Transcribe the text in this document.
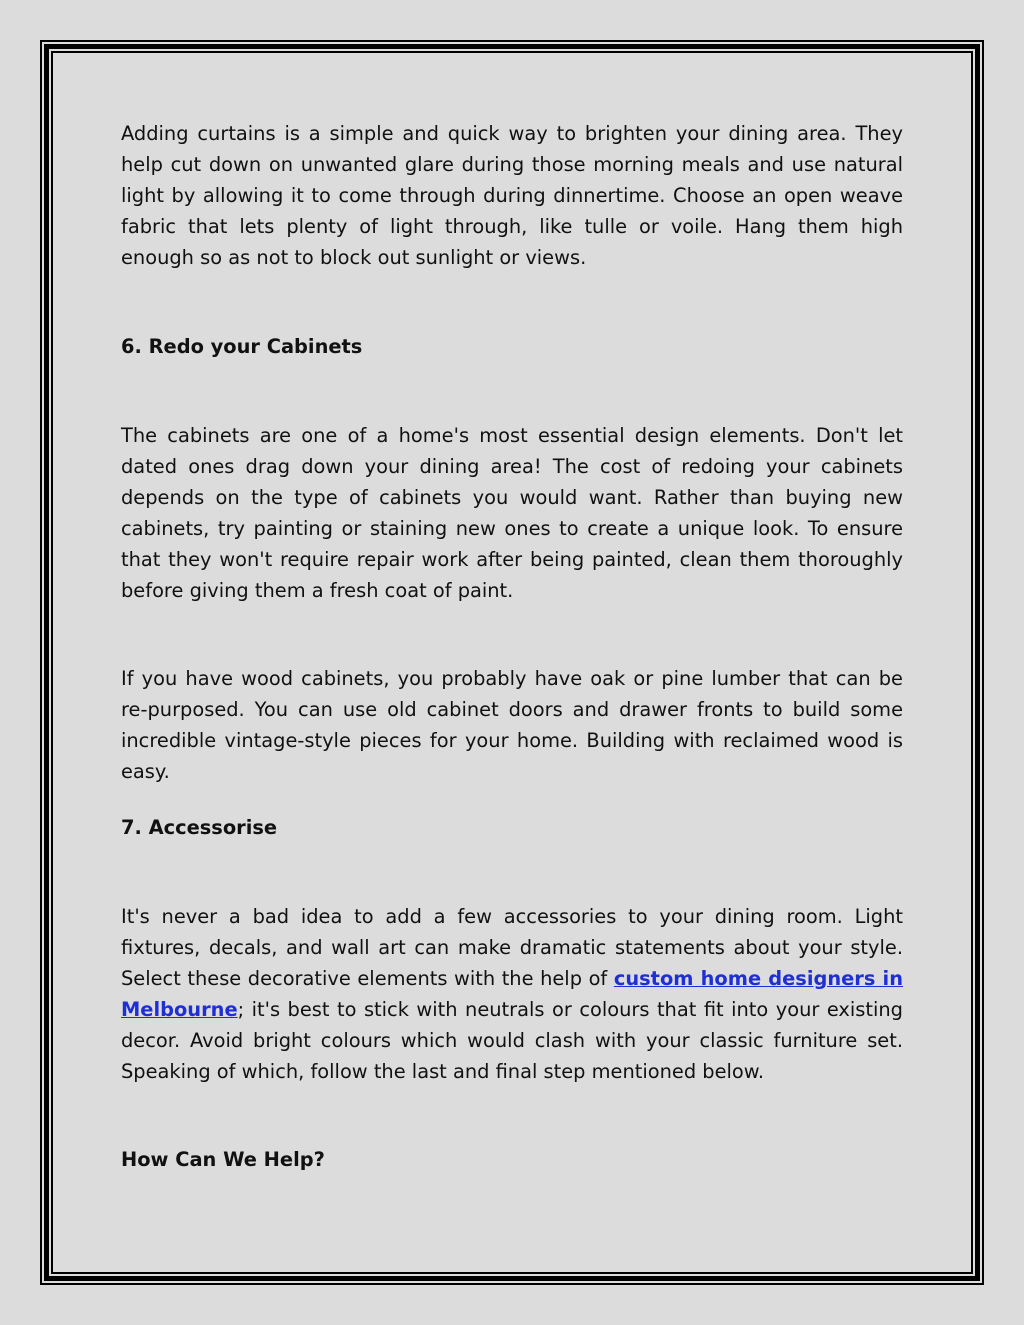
Adding curtains is a simple and quick way to brighten your dining area. They help cut down on unwanted glare during those morning meals and use natural light by allowing it to come through during dinnertime. Choose an open weave fabric that lets plenty of light through, like tulle or voile. Hang them high enough so as not to block out sunlight or views.

6. Redo your Cabinets

The cabinets are one of a home's most essential design elements. Don't let dated ones drag down your dining area! The cost of redoing your cabinets depends on the type of cabinets you would want. Rather than buying new cabinets, try painting or staining new ones to create a unique look. To ensure that they won't require repair work after being painted, clean them thoroughly before giving them a fresh coat of paint.

If you have wood cabinets, you probably have oak or pine lumber that can be re-purposed. You can use old cabinet doors and drawer fronts to build some incredible vintage-style pieces for your home. Building with reclaimed wood is easy.

7. Accessorise

It's never a bad idea to add a few accessories to your dining room. Light fixtures, decals, and wall art can make dramatic statements about your style. Select these decorative elements with the help of custom home designers in Melbourne; it's best to stick with neutrals or colours that fit into your existing decor. Avoid bright colours which would clash with your classic furniture set. Speaking of which, follow the last and final step mentioned below.

How Can We Help?
